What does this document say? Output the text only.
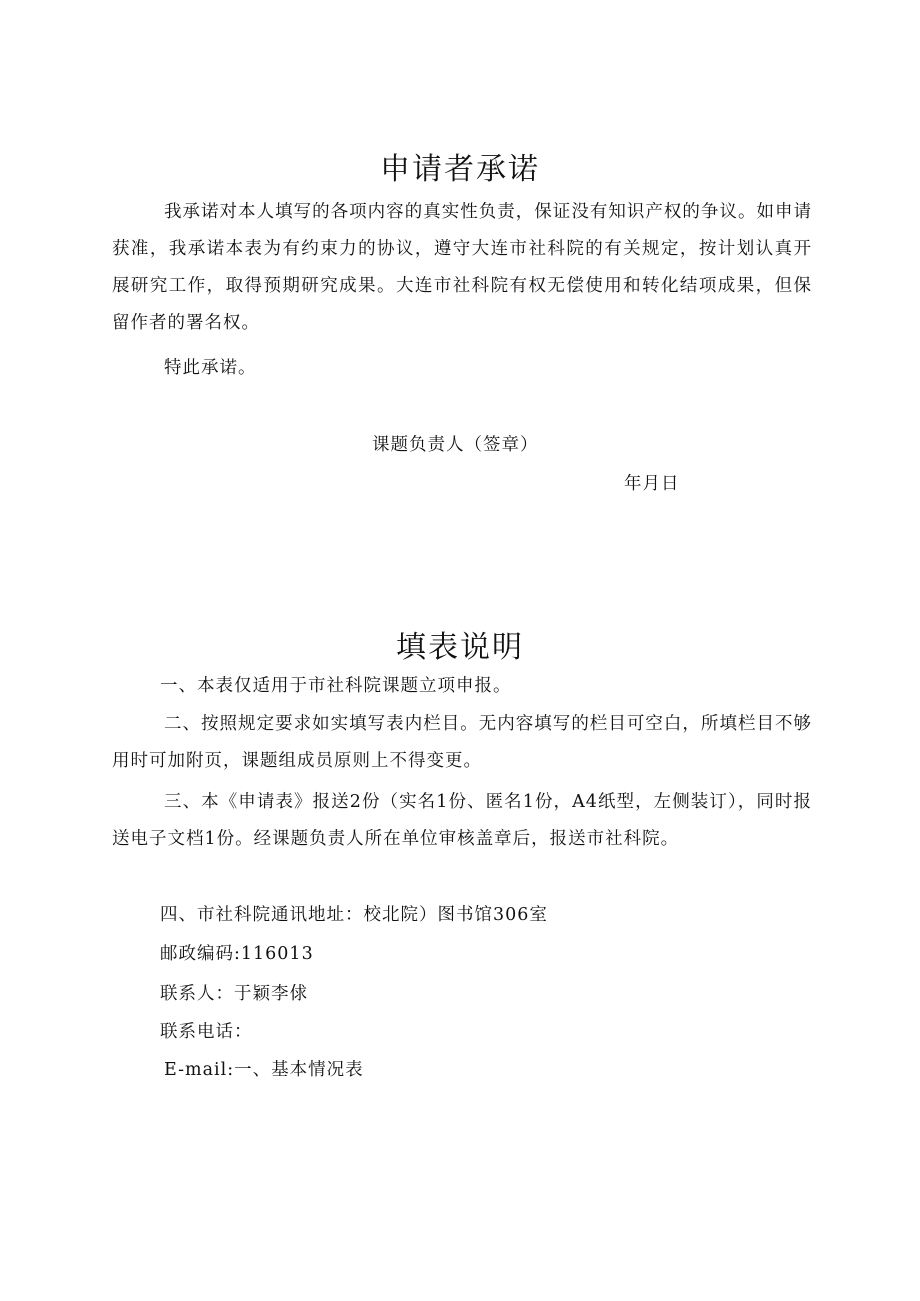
申请者承诺

我承诺对本人填写的各项内容的真实性负责，保证没有知识产权的争议。如申请获准，我承诺本表为有约束力的协议，遵守大连市社科院的有关规定，按计划认真开展研究工作，取得预期研究成果。大连市社科院有权无偿使用和转化结项成果，但保留作者的署名权。

特此承诺。
课题负责人（签章）
年月日
填表说明
一、本表仅适用于市社科院课题立项申报。

二、按照规定要求如实填写表内栏目。无内容填写的栏目可空白，所填栏目不够用时可加附页，课题组成员原则上不得变更。

三、本《申请表》报送2份（实名1份、匿名1份，A4纸型，左侧装订），同时报送电子文档1份。经课题负责人所在单位审核盖章后，报送市社科院。

四、市社科院通讯地址：校北院）图书馆306室
邮政编码:116013
联系人：于颖李俅
联系电话：
E-mail:一、基本情况表
